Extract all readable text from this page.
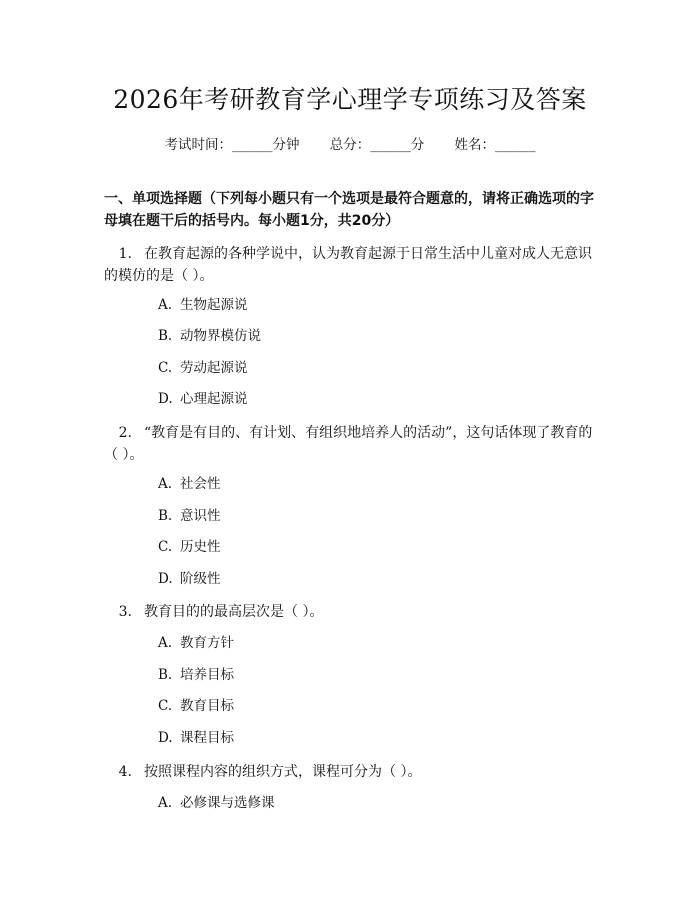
2026年考研教育学心理学专项练习及答案
考试时间：______分钟 总分：______分 姓名：______

一、单项选择题（下列每小题只有一个选项是最符合题意的，请将正确选项的字母填在题干后的括号内。每小题1分，共20分）

1. 在教育起源的各种学说中，认为教育起源于日常生活中儿童对成人无意识的模仿的是（ ）。

A. 生物起源说
B. 动物界模仿说
C. 劳动起源说
D. 心理起源说

2. “教育是有目的、有计划、有组织地培养人的活动”，这句话体现了教育的（ ）。

A. 社会性
B. 意识性
C. 历史性
D. 阶级性

3. 教育目的的最高层次是（ ）。

A. 教育方针
B. 培养目标
C. 教育目标
D. 课程目标

4. 按照课程内容的组织方式，课程可分为（ ）。

A. 必修课与选修课
